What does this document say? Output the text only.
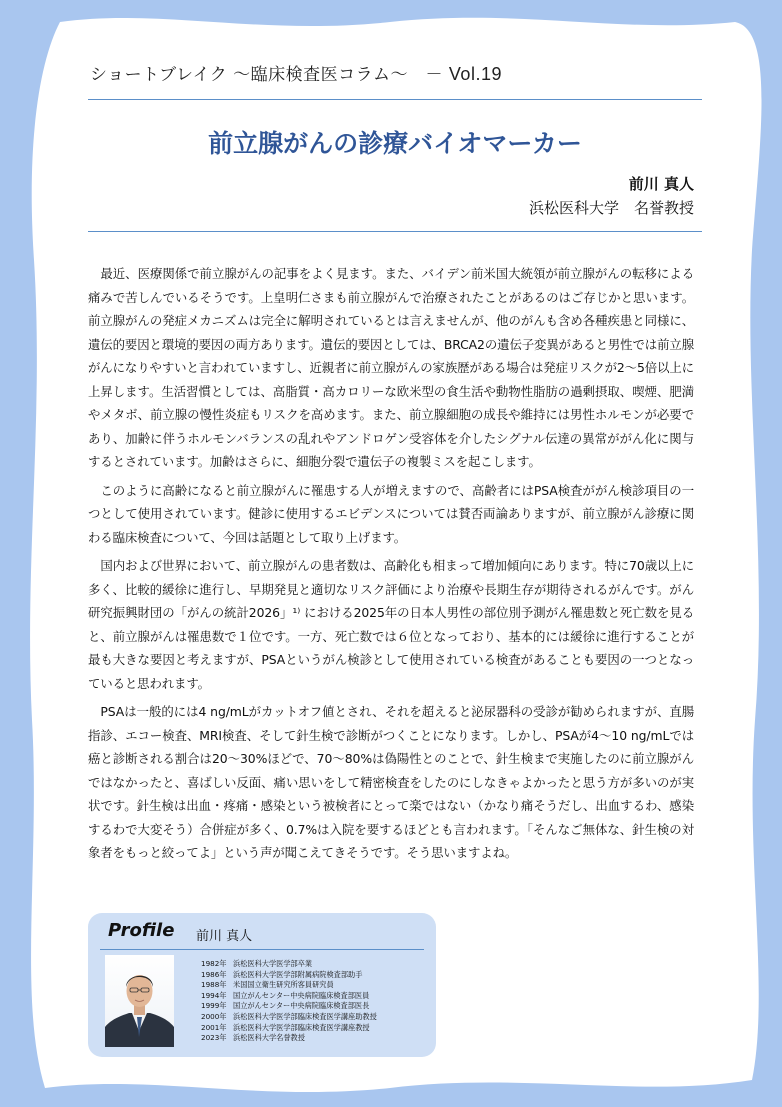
ショートブレイク 〜臨床検査医コラム〜　－ Vol.19
前立腺がんの診療バイオマーカー
前川 真人
浜松医科大学　名誉教授

最近、医療関係で前立腺がんの記事をよく見ます。また、バイデン前米国大統領が前立腺がんの転移による痛みで苦しんでいるそうです。上皇明仁さまも前立腺がんで治療されたことがあるのはご存じかと思います。前立腺がんの発症メカニズムは完全に解明されているとは言えませんが、他のがんも含め各種疾患と同様に、遺伝的要因と環境的要因の両方あります。遺伝的要因としては、BRCA2の遺伝子変異があると男性では前立腺がんになりやすいと言われていますし、近親者に前立腺がんの家族歴がある場合は発症リスクが2〜5倍以上に上昇します。生活習慣としては、高脂質・高カロリーな欧米型の食生活や動物性脂肪の過剰摂取、喫煙、肥満やメタボ、前立腺の慢性炎症もリスクを高めます。また、前立腺細胞の成長や維持には男性ホルモンが必要であり、加齢に伴うホルモンバランスの乱れやアンドロゲン受容体を介したシグナル伝達の異常ががん化に関与するとされています。加齢はさらに、細胞分裂で遺伝子の複製ミスを起こします。

このように高齢になると前立腺がんに罹患する人が増えますので、高齢者にはPSA検査ががん検診項目の一つとして使用されています。健診に使用するエビデンスについては賛否両論ありますが、前立腺がん診療に関わる臨床検査について、今回は話題として取り上げます。

国内および世界において、前立腺がんの患者数は、高齢化も相まって増加傾向にあります。特に70歳以上に多く、比較的緩徐に進行し、早期発見と適切なリスク評価により治療や長期生存が期待されるがんです。がん研究振興財団の「がんの統計2026」¹⁾ における2025年の日本人男性の部位別予測がん罹患数と死亡数を見ると、前立腺がんは罹患数で１位です。一方、死亡数では６位となっており、基本的には緩徐に進行することが最も大きな要因と考えますが、PSAというがん検診として使用されている検査があることも要因の一つとなっていると思われます。

PSAは一般的には4 ng/mLがカットオフ値とされ、それを超えると泌尿器科の受診が勧められますが、直腸指診、エコー検査、MRI検査、そして針生検で診断がつくことになります。しかし、PSAが4〜10 ng/mLでは癌と診断される割合は20〜30%ほどで、70〜80%は偽陽性とのことで、針生検まで実施したのに前立腺がんではなかったと、喜ばしい反面、痛い思いをして精密検査をしたのにしなきゃよかったと思う方が多いのが実状です。針生検は出血・疼痛・感染という被検者にとって楽ではない（かなり痛そうだし、出血するわ、感染するわで大変そう）合併症が多く、0.7%は入院を要するほどとも言われます。「そんなご無体な、針生検の対象者をもっと絞ってよ」という声が聞こえてきそうです。そう思いますよね。

Profile 前川 真人
1982年 浜松医科大学医学部卒業
1986年 浜松医科大学医学部附属病院検査部助手
1988年 米国国立衛生研究所客員研究員
1994年 国立がんセンター中央病院臨床検査部医員
1999年 国立がんセンター中央病院臨床検査部医長
2000年 浜松医科大学医学部臨床検査医学講座助教授
2001年 浜松医科大学医学部臨床検査医学講座教授
2023年 浜松医科大学名誉教授
